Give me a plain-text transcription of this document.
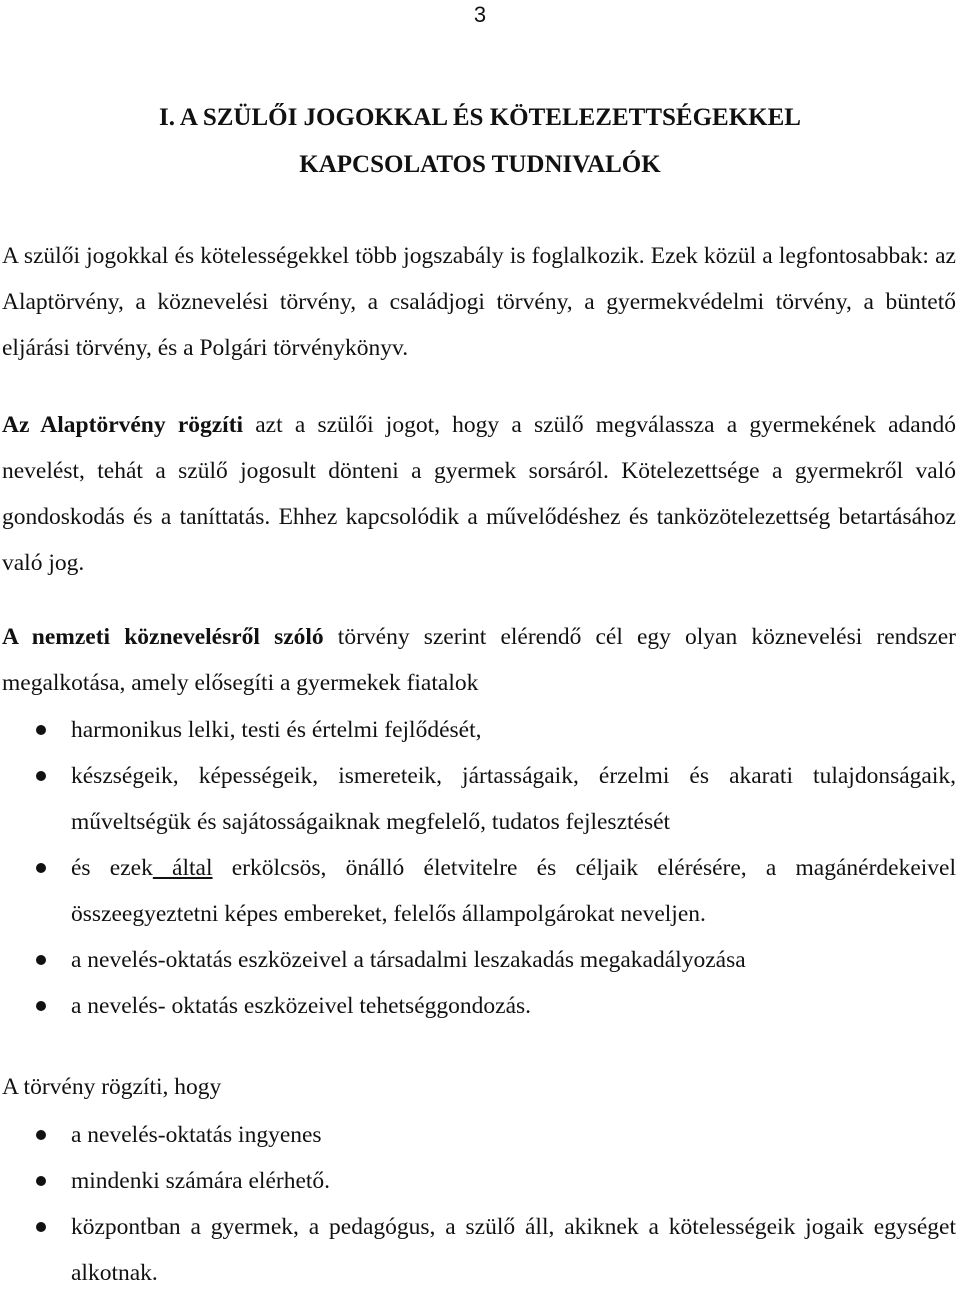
3
I. A SZÜLŐI JOGOKKAL ÉS KÖTELEZETTSÉGEKKEL
KAPCSOLATOS TUDNIVALÓK
A szülői jogokkal és kötelességekkel több jogszabály is foglalkozik. Ezek közül a legfontosabbak: az Alaptörvény, a köznevelési törvény, a családjogi törvény, a gyermekvédelmi törvény, a büntető eljárási törvény, és a Polgári törvénykönyv.
Az Alaptörvény rögzíti azt a szülői jogot, hogy a szülő megválassza a gyermekének adandó nevelést, tehát a szülő jogosult dönteni a gyermek sorsáról. Kötelezettsége a gyermekről való gondoskodás és a taníttatás. Ehhez kapcsolódik a művelődéshez és tanközötelezettség betartásához való jog.
A nemzeti köznevelésről szóló törvény szerint elérendő cél egy olyan köznevelési rendszer megalkotása, amely elősegíti a gyermekek fiatalok
harmonikus lelki, testi és értelmi fejlődését,
készségeik, képességeik, ismereteik, jártasságaik, érzelmi és akarati tulajdonságaik, műveltségük és sajátosságaiknak megfelelő, tudatos fejlesztését
és ezek által erkölcsös, önálló életvitelre és céljaik elérésére, a magánérdekeivel összeegyeztetni képes embereket, felelős állampolgárokat neveljen.
a nevelés-oktatás eszközeivel a társadalmi leszakadás megakadályozása
a nevelés- oktatás eszközeivel tehetséggondozás.
A törvény rögzíti, hogy
a nevelés-oktatás ingyenes
mindenki számára elérhető.
központban a gyermek, a pedagógus, a szülő áll, akiknek a kötelességeik jogaik egységet alkotnak.
